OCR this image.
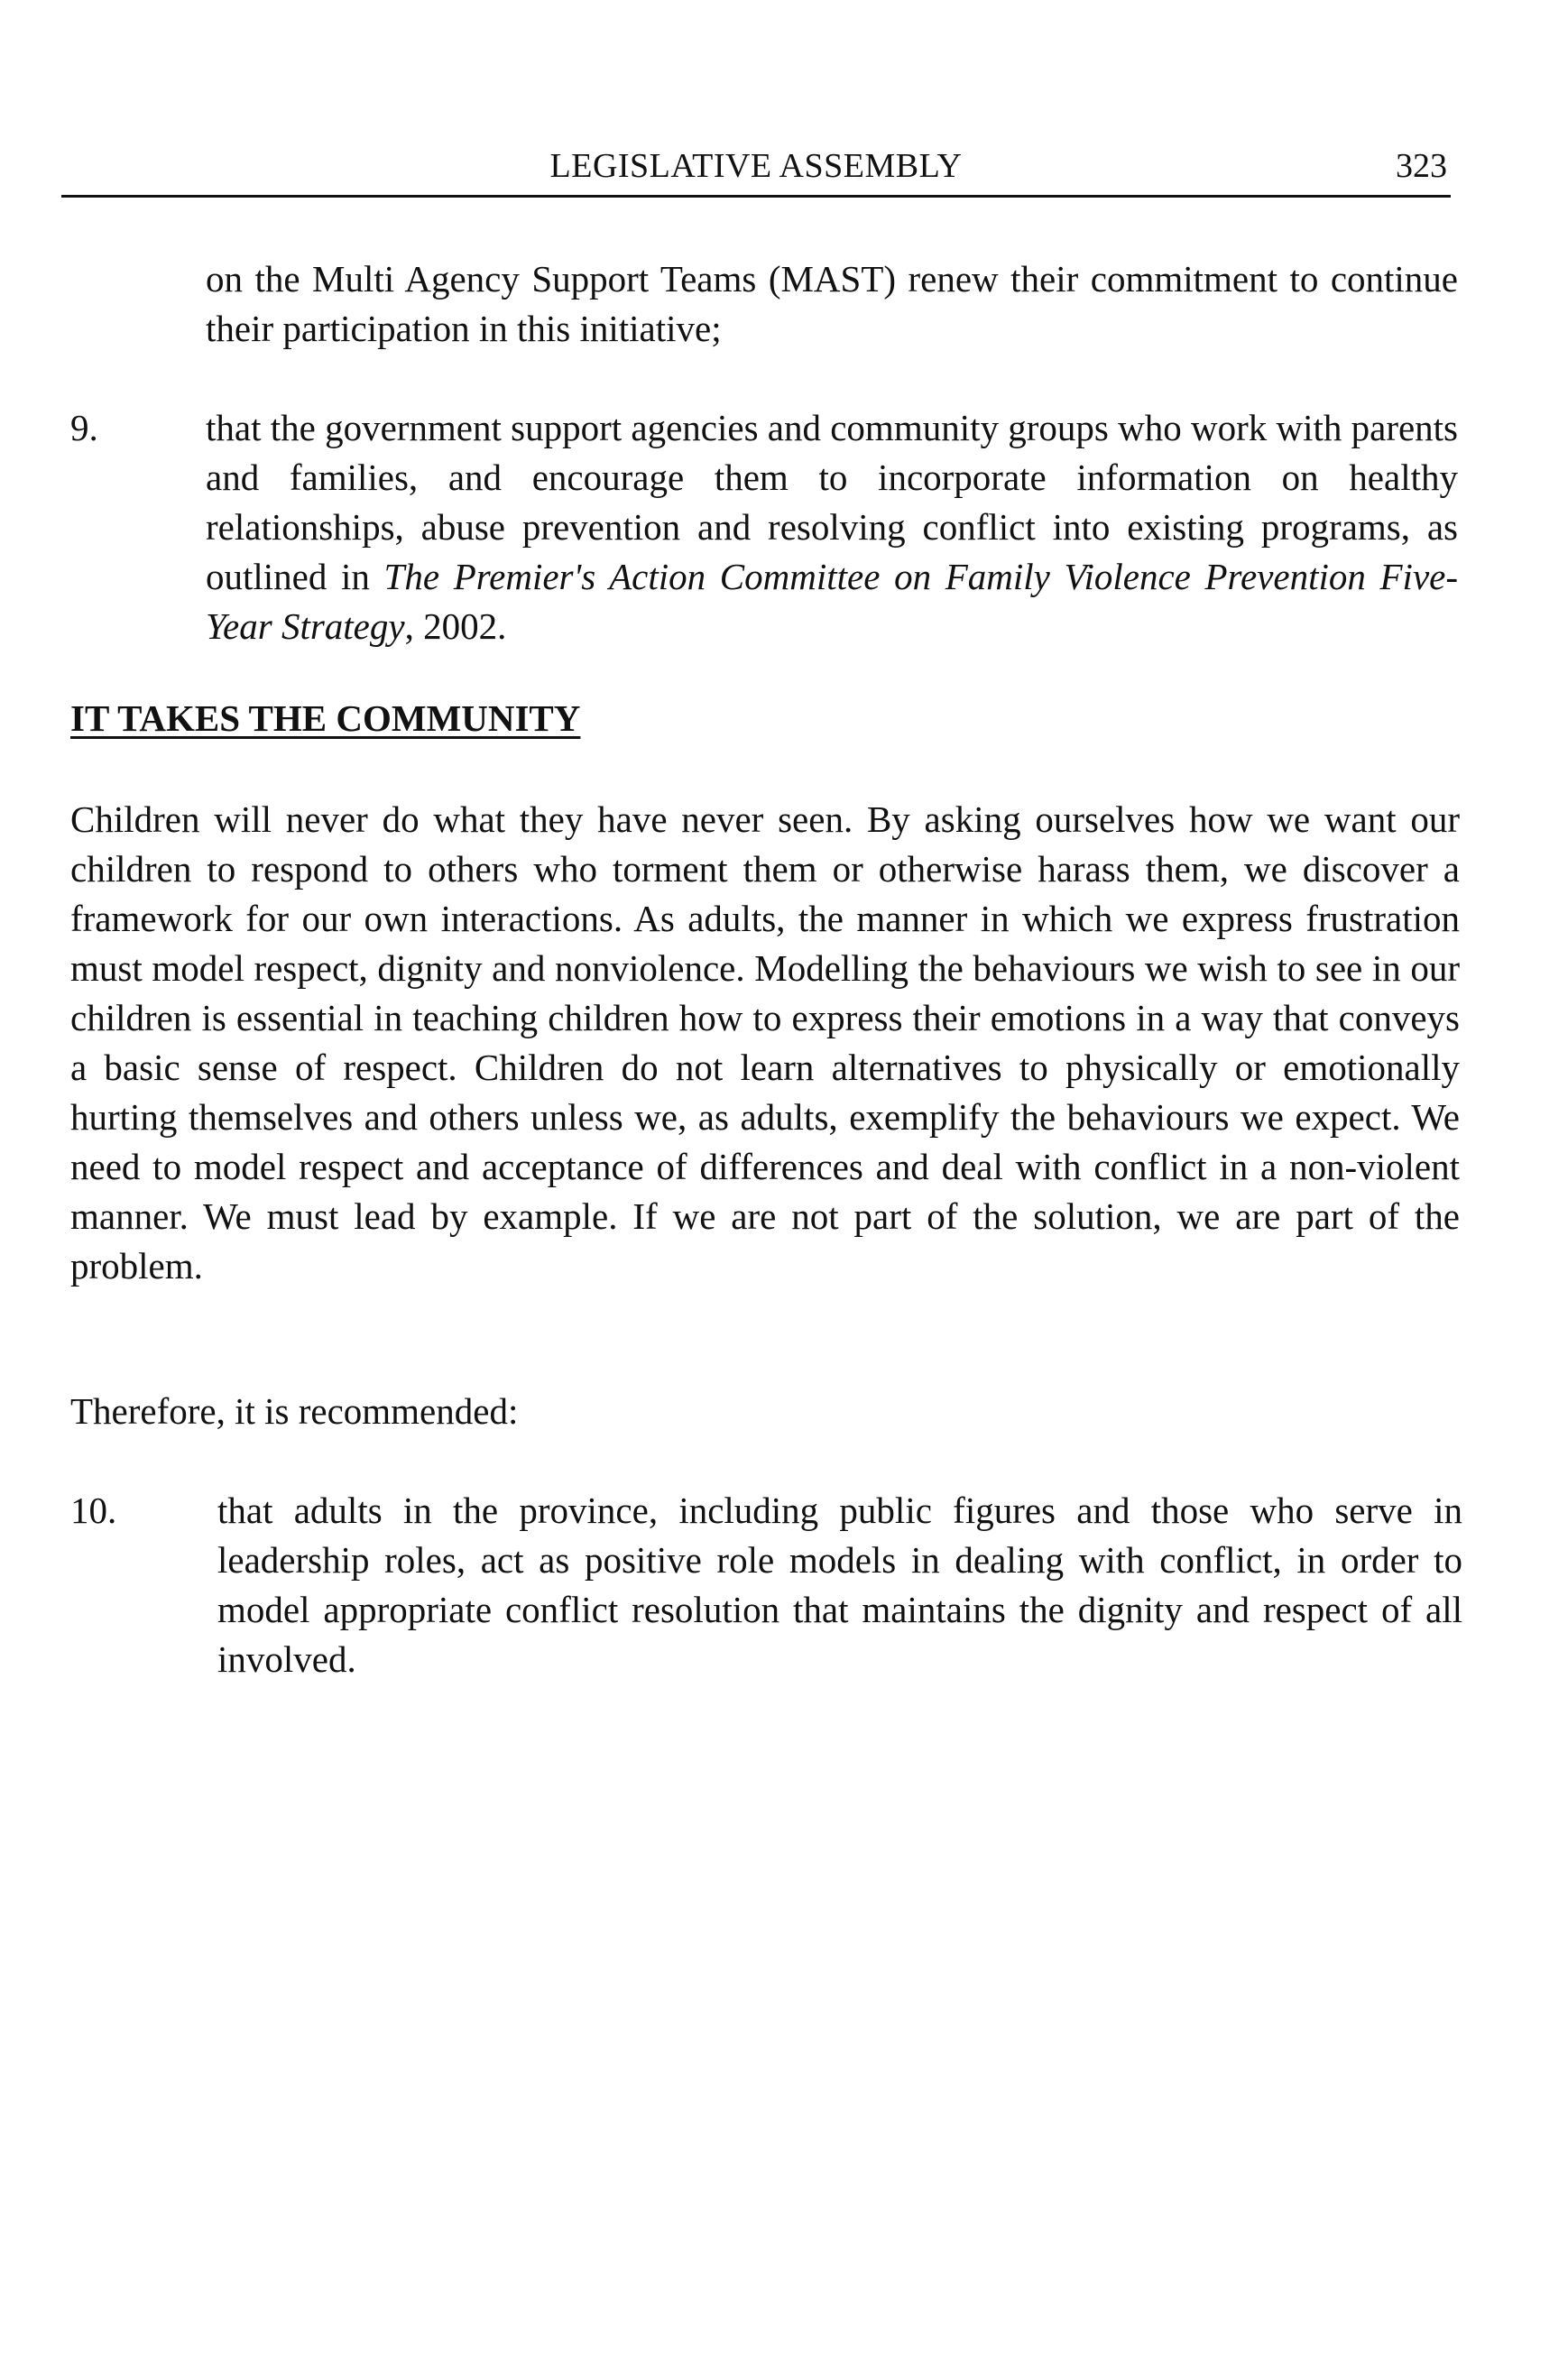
LEGISLATIVE ASSEMBLY	323
on the Multi Agency Support Teams (MAST) renew their commitment to continue their participation in this initiative;
9.	that the government support agencies and community groups who work with parents and families, and encourage them to incorporate information on healthy relationships, abuse prevention and resolving conflict into existing programs, as outlined in The Premier's Action Committee on Family Violence Prevention Five-Year Strategy, 2002.
IT TAKES THE COMMUNITY
Children will never do what they have never seen. By asking ourselves how we want our children to respond to others who torment them or otherwise harass them, we discover a framework for our own interactions. As adults, the manner in which we express frustration must model respect, dignity and nonviolence. Modelling the behaviours we wish to see in our children is essential in teaching children how to express their emotions in a way that conveys a basic sense of respect. Children do not learn alternatives to physically or emotionally hurting themselves and others unless we, as adults, exemplify the behaviours we expect. We need to model respect and acceptance of differences and deal with conflict in a non-violent manner. We must lead by example. If we are not part of the solution, we are part of the problem.
Therefore, it is recommended:
10.	that adults in the province, including public figures and those who serve in leadership roles, act as positive role models in dealing with conflict, in order to model appropriate conflict resolution that maintains the dignity and respect of all involved.
